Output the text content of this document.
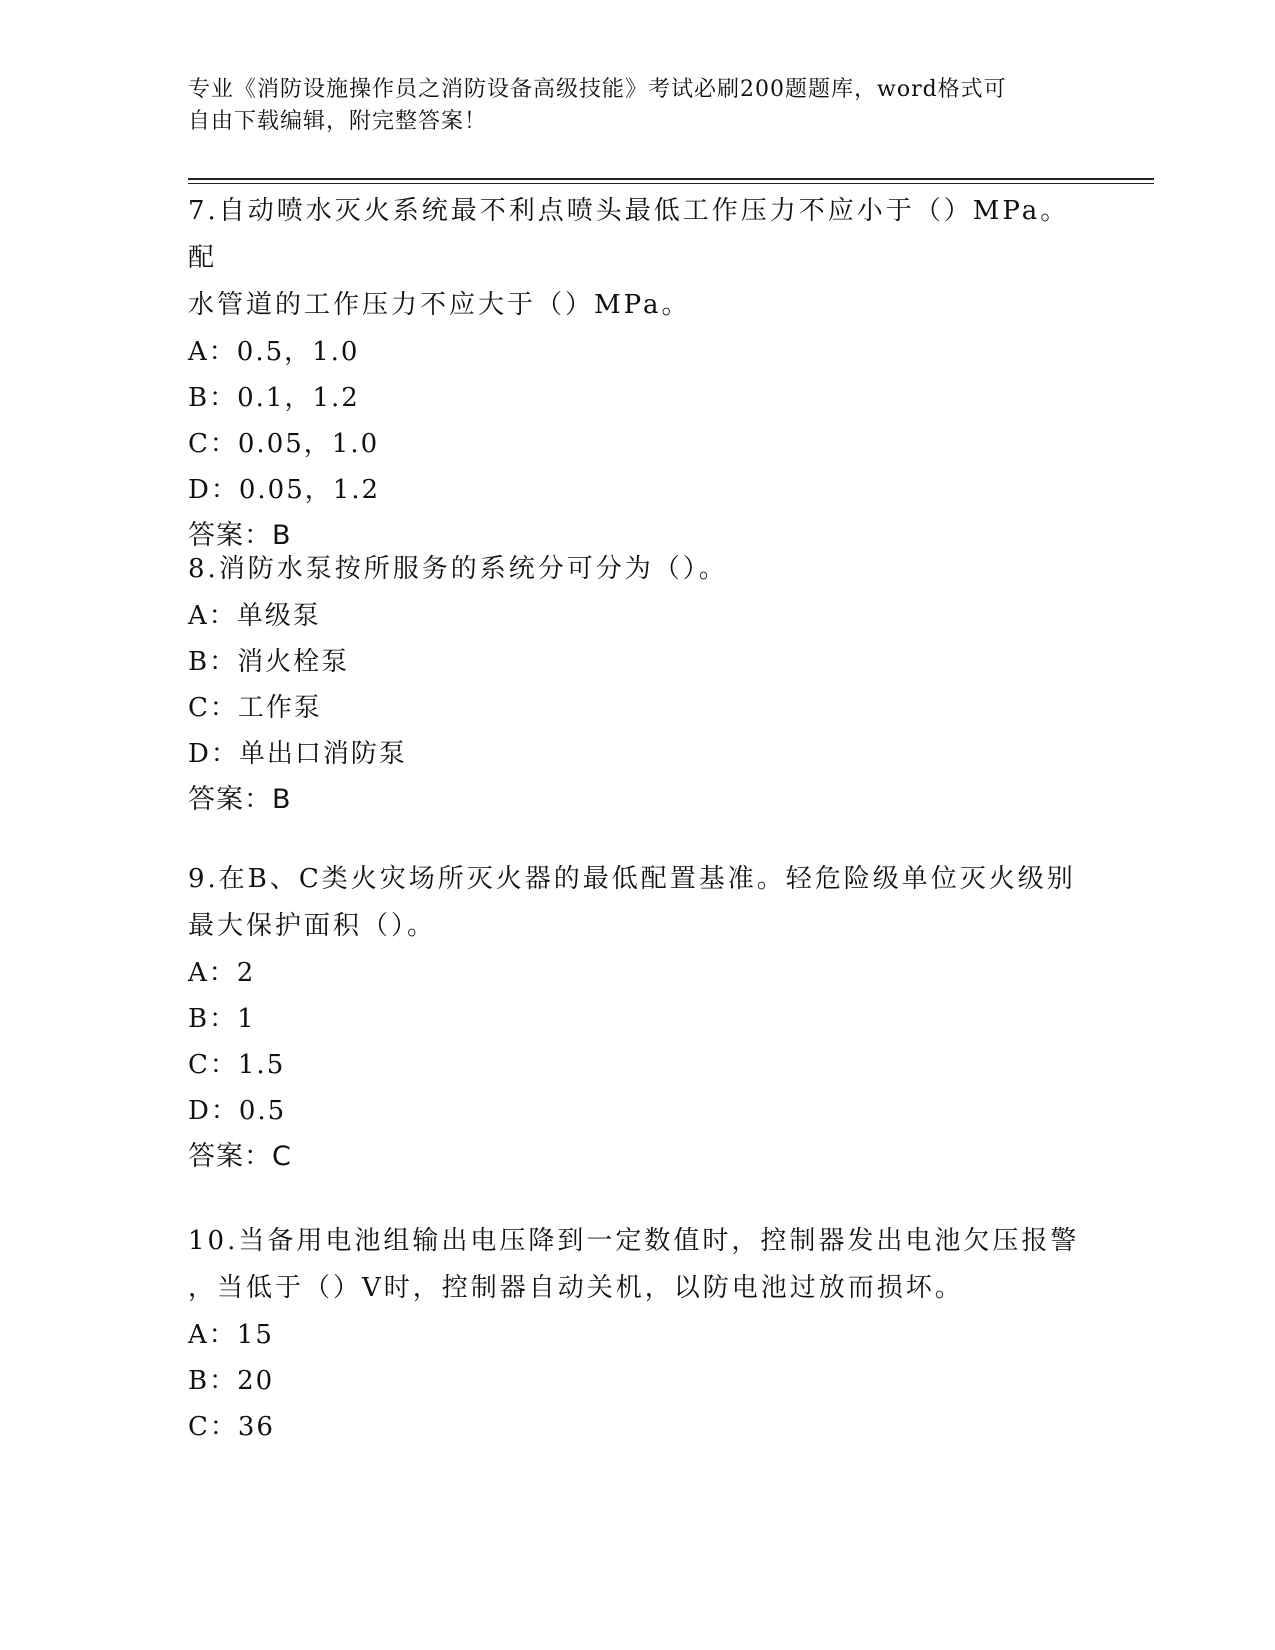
专业《消防设施操作员之消防设备高级技能》考试必刷200题题库，word格式可
自由下载编辑，附完整答案！

7.自动喷水灭火系统最不利点喷头最低工作压力不应小于（）MPa。配

水管道的工作压力不应大于（）MPa。

A：0.5，1.0

B：0.1，1.2

C：0.05，1.0

D：0.05，1.2

答案：B

8.消防水泵按所服务的系统分可分为（）。

A：单级泵

B：消火栓泵

C：工作泵

D：单出口消防泵

答案：B

9.在B、C类火灾场所灭火器的最低配置基准。轻危险级单位灭火级别

最大保护面积（）。

A：2

B：1

C：1.5

D：0.5

答案：C

10.当备用电池组输出电压降到一定数值时，控制器发出电池欠压报警

，当低于（）V时，控制器自动关机，以防电池过放而损坏。

A：15

B：20

C：36
